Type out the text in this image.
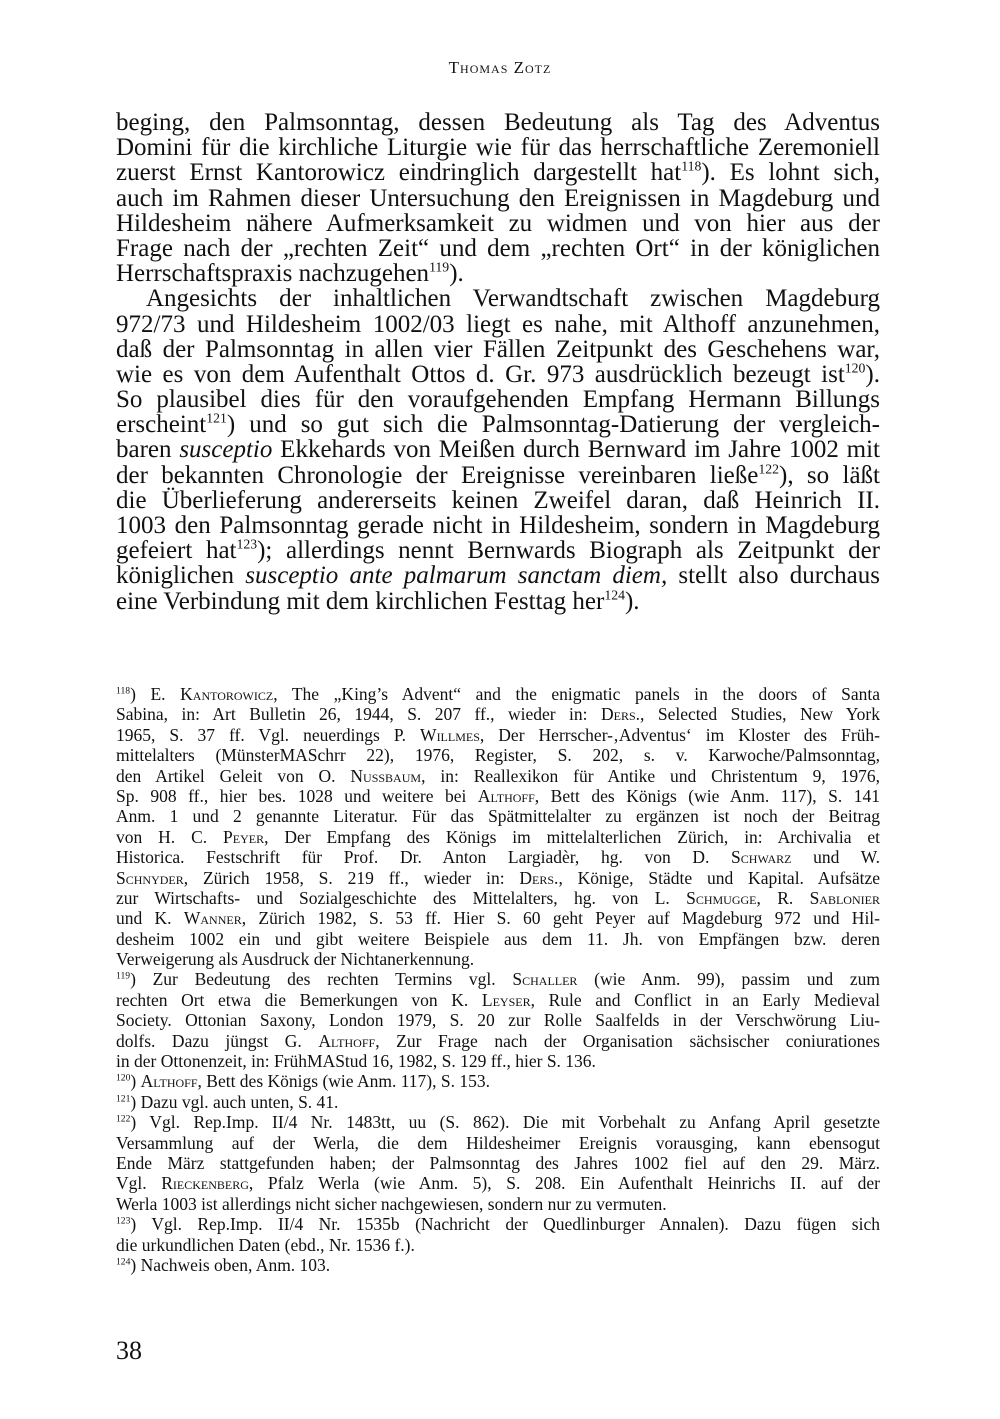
Thomas Zotz
beging, den Palmsonntag, dessen Bedeutung als Tag des Adventus
Domini für die kirchliche Liturgie wie für das herrschaftliche Zeremoniell
zuerst Ernst Kantorowicz eindringlich dargestellt hat$^{118}$). Es lohnt sich,
auch im Rahmen dieser Untersuchung den Ereignissen in Magdeburg und
Hildesheim nähere Aufmerksamkeit zu widmen und von hier aus der
Frage nach der „rechten Zeit“ und dem „rechten Ort“ in der königlichen
Herrschaftspraxis nachzugehen$^{119}$).
Angesichts der inhaltlichen Verwandtschaft zwischen Magdeburg
972/73 und Hildesheim 1002/03 liegt es nahe, mit Althoff anzunehmen,
daß der Palmsonntag in allen vier Fällen Zeitpunkt des Geschehens war,
wie es von dem Aufenthalt Ottos d. Gr. 973 ausdrücklich bezeugt ist$^{120}$).
So plausibel dies für den voraufgehenden Empfang Hermann Billungs
erscheint$^{121}$) und so gut sich die Palmsonntag-Datierung der vergleich-
baren susceptio Ekkehards von Meißen durch Bernward im Jahre 1002 mit
der bekannten Chronologie der Ereignisse vereinbaren ließe$^{122}$), so läßt
die Überlieferung andererseits keinen Zweifel daran, daß Heinrich II.
1003 den Palmsonntag gerade nicht in Hildesheim, sondern in Magdeburg
gefeiert hat$^{123}$); allerdings nennt Bernwards Biograph als Zeitpunkt der
königlichen susceptio ante palmarum sanctam diem, stellt also durchaus
eine Verbindung mit dem kirchlichen Festtag her$^{124}$).
$^{118}$) E. Kantorowicz, The „King’s Advent“ and the enigmatic panels in the doors of Santa
Sabina, in: Art Bulletin 26, 1944, S. 207 ff., wieder in: Ders., Selected Studies, New York
1965, S. 37 ff. Vgl. neuerdings P. Willmes, Der Herrscher-‚Adventus‘ im Kloster des Früh-
mittelalters (MünsterMASchrr 22), 1976, Register, S. 202, s. v. Karwoche/Palmsonntag,
den Artikel Geleit von O. Nussbaum, in: Reallexikon für Antike und Christentum 9, 1976,
Sp. 908 ff., hier bes. 1028 und weitere bei Althoff, Bett des Königs (wie Anm. 117), S. 141
Anm. 1 und 2 genannte Literatur. Für das Spätmittelalter zu ergänzen ist noch der Beitrag
von H. C. Peyer, Der Empfang des Königs im mittelalterlichen Zürich, in: Archivalia et
Historica. Festschrift für Prof. Dr. Anton Largiadèr, hg. von D. Schwarz und W.
Schnyder, Zürich 1958, S. 219 ff., wieder in: Ders., Könige, Städte und Kapital. Aufsätze
zur Wirtschafts- und Sozialgeschichte des Mittelalters, hg. von L. Schmugge, R. Sablonier
und K. Wanner, Zürich 1982, S. 53 ff. Hier S. 60 geht Peyer auf Magdeburg 972 und Hil-
desheim 1002 ein und gibt weitere Beispiele aus dem 11. Jh. von Empfängen bzw. deren
Verweigerung als Ausdruck der Nichtanerkennung.
$^{119}$) Zur Bedeutung des rechten Termins vgl. Schaller (wie Anm. 99), passim und zum
rechten Ort etwa die Bemerkungen von K. Leyser, Rule and Conflict in an Early Medieval
Society. Ottonian Saxony, London 1979, S. 20 zur Rolle Saalfelds in der Verschwörung Liu-
dolfs. Dazu jüngst G. Althoff, Zur Frage nach der Organisation sächsischer coniurationes
in der Ottonenzeit, in: FrühMAStud 16, 1982, S. 129 ff., hier S. 136.
$^{120}$) Althoff, Bett des Königs (wie Anm. 117), S. 153.
$^{121}$) Dazu vgl. auch unten, S. 41.
$^{122}$) Vgl. Rep.Imp. II/4 Nr. 1483tt, uu (S. 862). Die mit Vorbehalt zu Anfang April gesetzte
Versammlung auf der Werla, die dem Hildesheimer Ereignis vorausging, kann ebensogut
Ende März stattgefunden haben; der Palmsonntag des Jahres 1002 fiel auf den 29. März.
Vgl. Rieckenberg, Pfalz Werla (wie Anm. 5), S. 208. Ein Aufenthalt Heinrichs II. auf der
Werla 1003 ist allerdings nicht sicher nachgewiesen, sondern nur zu vermuten.
$^{123}$) Vgl. Rep.Imp. II/4 Nr. 1535b (Nachricht der Quedlinburger Annalen). Dazu fügen sich
die urkundlichen Daten (ebd., Nr. 1536 f.).
$^{124}$) Nachweis oben, Anm. 103.
38
